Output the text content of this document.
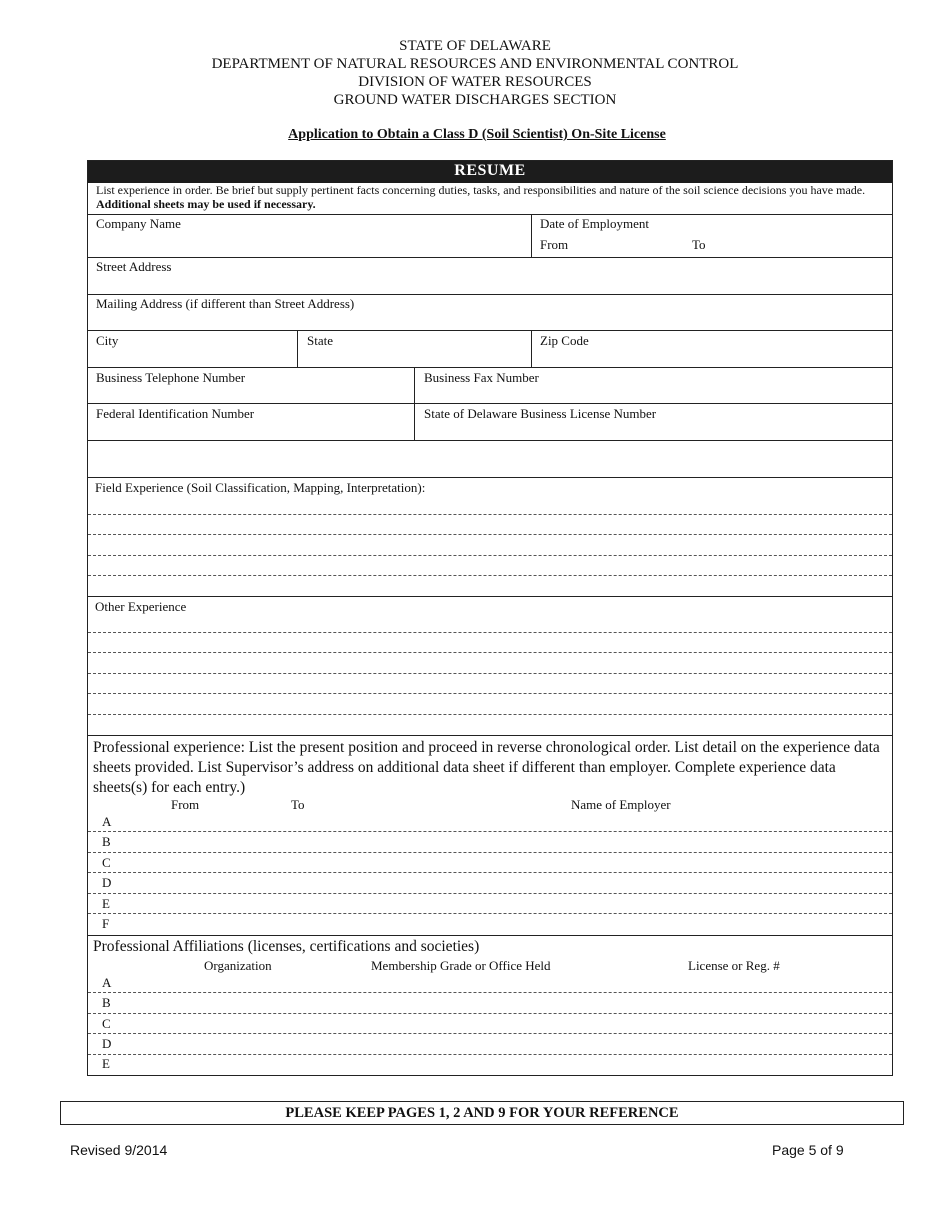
STATE OF DELAWARE
DEPARTMENT OF NATURAL RESOURCES AND ENVIRONMENTAL CONTROL
DIVISION OF WATER RESOURCES
GROUND WATER DISCHARGES SECTION
Application to Obtain a Class D (Soil Scientist) On-Site License
RESUME
List experience in order. Be brief but supply pertinent facts concerning duties, tasks, and responsibilities and nature of the soil science decisions you have made. Additional sheets may be used if necessary.
Company Name	Date of Employment
From	To
Street Address
Mailing Address (if different than Street Address)
City	State	Zip Code
Business Telephone Number	Business Fax Number
Federal Identification Number	State of Delaware Business License Number
Field Experience (Soil Classification, Mapping, Interpretation):
Other Experience
Professional experience: List the present position and proceed in reverse chronological order. List detail on the experience data sheets provided. List Supervisor’s address on additional data sheet if different than employer. Complete experience data sheets(s) for each entry.)
From	To	Name of Employer
A
B
C
D
E
F
Professional Affiliations (licenses, certifications and societies)
Organization	Membership Grade or Office Held	License or Reg. #
A
B
C
D
E
PLEASE KEEP PAGES 1, 2 AND 9 FOR YOUR REFERENCE
Revised 9/2014	Page 5 of 9
